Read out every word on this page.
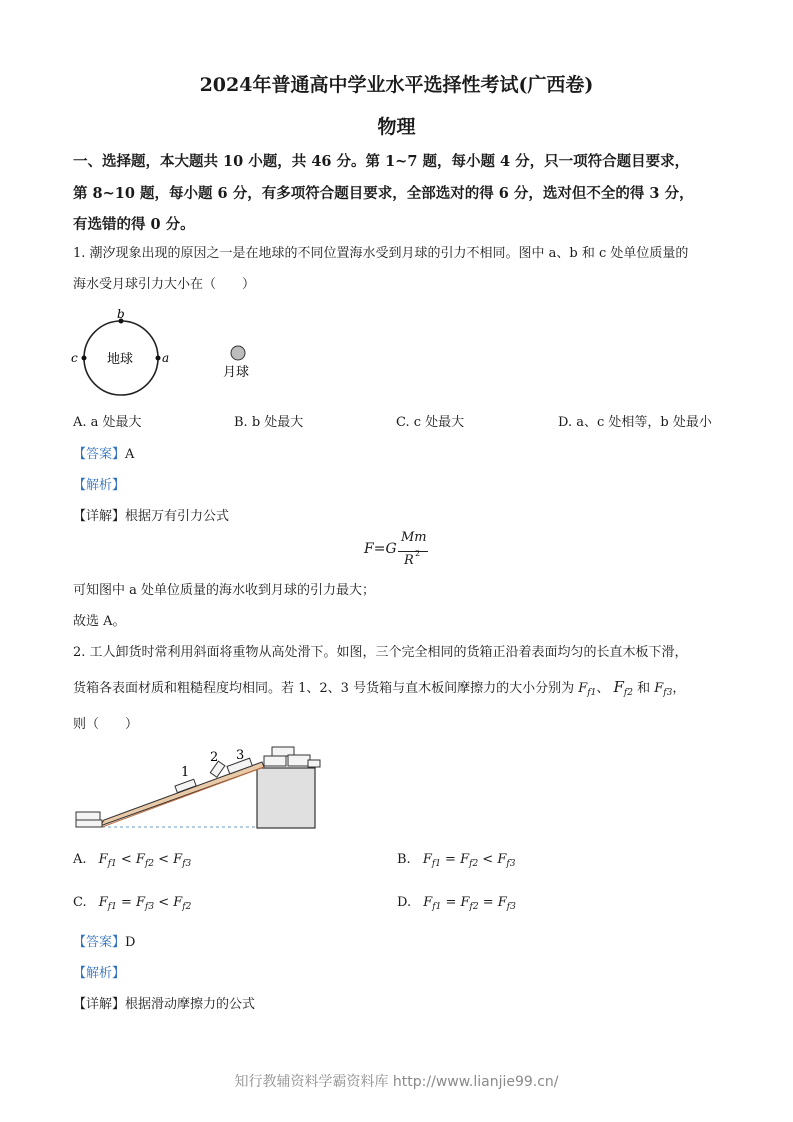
2024年普通高中学业水平选择性考试(广西卷)
物理
一、选择题，本大题共 10 小题，共 46 分。第 1~7 题，每小题 4 分，只一项符合题目要求，
第 8~10 题，每小题 6 分，有多项符合题目要求，全部选对的得 6 分，选对但不全的得 3 分，
有选错的得 0 分。
1. 潮汐现象出现的原因之一是在地球的不同位置海水受到月球的引力不相同。图中 a、b 和 c 处单位质量的
海水受月球引力大小在（　　）
地球
b
a
c
月球
A. a 处最大	B. b 处最大	C. c 处最大	D. a、c 处相等，b 处最小
【答案】A
【解析】
【详解】根据万有引力公式
F=G
Mm
R 2
可知图中 a 处单位质量的海水收到月球的引力最大；
故选 A。
2. 工人卸货时常利用斜面将重物从高处滑下。如图，三个完全相同的货箱正沿着表面均匀的长直木板下滑，
货箱各表面材质和粗糙程度均相同。若 1、2、3 号货箱与直木板间摩擦力的大小分别为 $F_{f1}$、 $F_{f2}$ 和 $F_{f3}$，
则（　　）
1
2 3
A. $F_{f1} < F_{f2} < F_{f3}$	B. $F_{f1} = F_{f2} < F_{f3}$
C. $F_{f1} = F_{f3} < F_{f2}$	D. $F_{f1} = F_{f2} = F_{f3}$
【答案】D
【解析】
【详解】根据滑动摩擦力的公式
知行教辅资料学霸资料库 http://www.lianjie99.cn/
